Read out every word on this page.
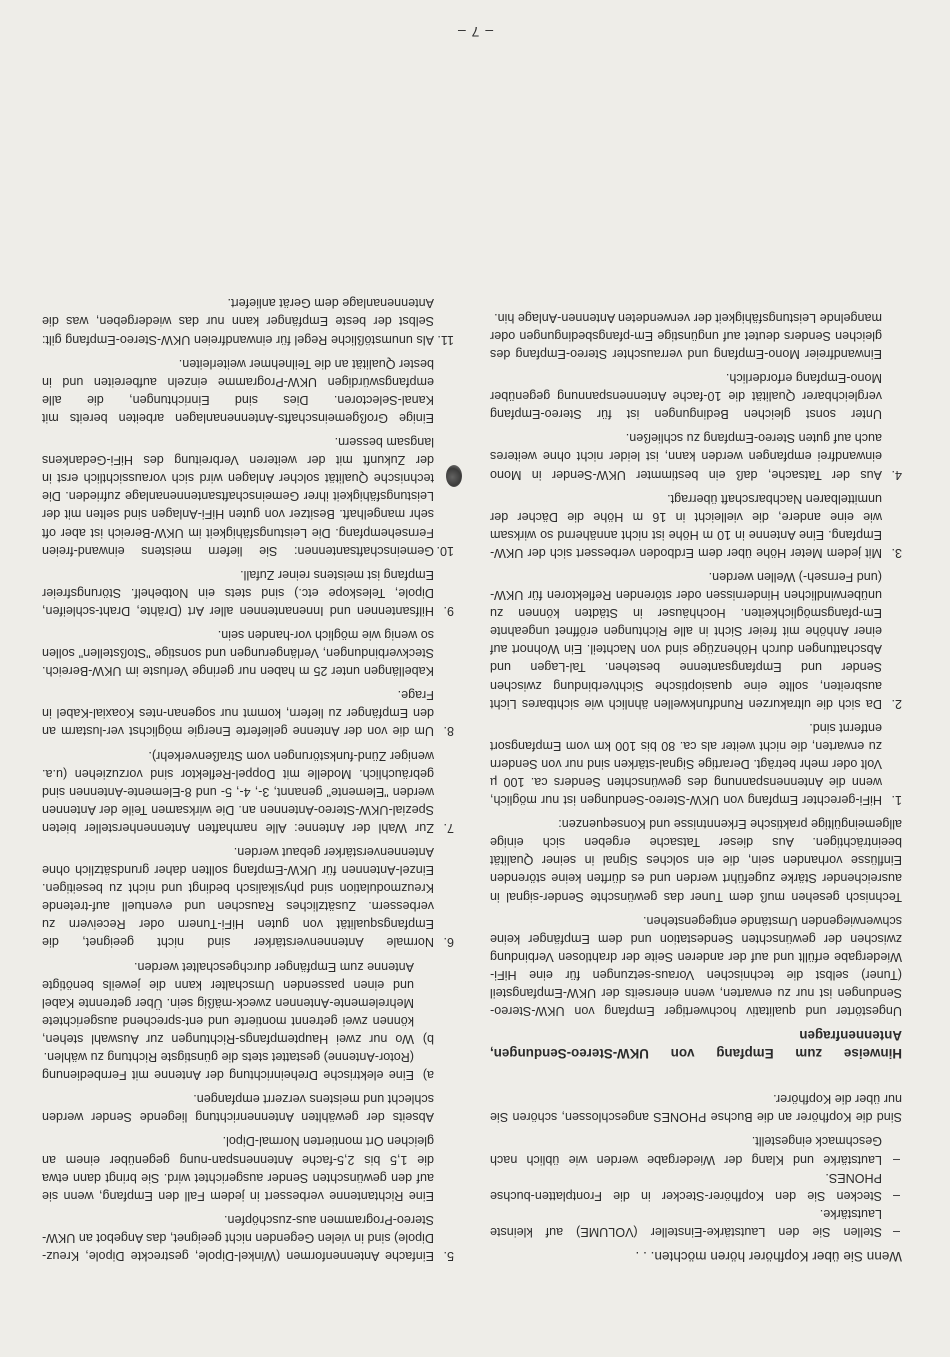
– 7 –

Wenn Sie über Kopfhörer hören möchten. . .

–
Stellen Sie den Lautstärke-Einsteller (VOLUME) auf kleinste Lautstärke.

–
Stecken Sie den Kopfhörer-Stecker in die Frontplatten-buchse PHONES.

–
Lautstärke und Klang der Wiedergabe werden wie üblich nach Geschmack eingestellt.

Sind die Kopfhörer an die Buchse PHONES angeschlossen, schören Sie nur über die Kopfhörer.

Hinweise zum Empfang von UKW-Stereo-Sendungen, Antennenfragen

Ungestörter und qualitativ hochwertiger Empfang von UKW-Stereo-Sendungen ist nur zu erwarten, wenn einerseits der UKW-Empfangsteil (Tuner) selbst die technischen Voraus-setzungen für eine HiFi-Wiedergabe erfüllt und auf der anderen Seite der drahtlosen Verbindung zwischen der gewünschten Sendestation und dem Empfänger keine schwerwiegenden Umstände entgegenstehen.

Technisch gesehen muß dem Tuner das gewünschte Sender-signal in ausreichender Stärke zugeführt werden und es dürften keine störenden Einflüsse vorhanden sein, die ein solches Signal in seiner Qualität beeinträchtigen. Aus dieser Tatsache ergeben sich einige allgemeingültige praktische Erkenntnisse und Konsequenzen:

1.
HiFi-gerechter Empfang von UKW-Stereo-Sendungen ist nur möglich, wenn die Antennenspannung des gewünschten Senders ca. 100 µ Volt oder mehr beträgt. Derartige Signal-stärken sind nur von Sendern zu erwarten, die nicht weiter als ca. 80 bis 100 km vom Empfangsort entfernt sind.

2.
Da sich die ultrakurzen Rundfunkwellen ähnlich wie sichtbares Licht ausbreiten, sollte eine quasioptische Sichtverbindung zwischen Sender und Empfangsantenne bestehen. Tal-Lagen und Abschattungen durch Höhenzüge sind von Nachteil. Ein Wohnort auf einer Anhöhe mit freier Sicht in alle Richtungen eröffnet ungeahnte Em-pfangsmöglichkeiten. Hochhäuser in Städten können zu unüberwindlichen Hindernissen oder störenden Reflektoren für UKW- (und Fernseh-) Wellen werden.

3.
Mit jedem Meter Höhe über dem Erdboden verbessert sich der UKW-Empfang. Eine Antenne in 10 m Höhe ist nicht annähernd so wirksam wie eine andere, die vielleicht in 16 m Höhe die Dächer der unmittelbaren Nachbarschaft überragt.

4.
Aus der Tatsache, daß ein bestimmter UKW-Sender in Mono einwandfrei empfangen werden kann, ist leider nicht ohne weiteres auch auf guten Stereo-Empfang zu schließen.

Unter sonst gleichen Bedingungen ist für Stereo-Empfang vergleichbarer Qualität die 10-fache Antennenspannung gegenüber Mono-Empfang erforderlich.

Einwandfreier Mono-Empfang und verrauschter Stereo-Empfang des gleichen Senders deutet auf ungünstige Em-pfangsbedingungen oder mangelnde Leistungsfähigkeit der verwendeten Antennen-Anlage hin.

5.
Einfache Antennenformen (Winkel-Dipole, gestreckte Dipole, Kreuz-Dipole) sind in vielen Gegenden nicht geeignet, das Angebot an UKW-Stereo-Programmen aus-zuschöpfen.

Eine Richtantenne verbessert in jedem Fall den Empfang, wenn sie auf den gewünschten Sender ausgerichtet wird. Sie bringt dann etwa die 1,5 bis 2,5-fache Antennenspan-nung gegenüber einem an gleichen Ort montierten Normal-Dipol.

Abseits der gewählten Antennenrichtung liegende Sender werden schlecht und meistens verzerrt empfangen.

a)
Eine elektrische Dreheinrichtung der Antenne mit Fernbedienung (Rotor-Antenne) gestattet stets die günstigste Richtung zu wählen.

b)
Wo nur zwei Hauptempfangs-Richtungen zur Auswahl stehen, können zwei getrennt montierte und ent-sprechend ausgerichtete Mehrelemente-Antennen zweck-mäßig sein. Über getrennte Kabel und einen passenden Umschalter kann die jeweils benötigte Antenne zum Empfänger durchgeschaltet werden.

6.
Normale Antennenverstärker sind nicht geeignet, die Empfangsqualität von guten HiFi-Tunern oder Receivern zu verbessern. Zusätzliches Rauschen und eventuell auf-tretende Kreuzmodulation sind physikalisch bedingt und nicht zu beseitigen. Einzel-Antennen für UKW-Empfang sollten daher grundsätzlich ohne Antennenverstärker gebaut werden.

7.
Zur Wahl der Antenne: Alle namhaften Antennenhersteller bieten Spezial-UKW-Stereo-Antennen an. Die wirksamen Teile der Antennen werden "Elemente" genannt, 3-, 4-, 5- und 8-Elemente-Antennen sind gebräuchlich. Modelle mit Doppel-Reflektor sind vorzuziehen (u.a. weniger Zünd-funkstörungen vom Straßenverkehr).

8.
Um die von der Antenne gelieferte Energie möglichst ver-lustarm an den Empfänger zu liefern, kommt nur sogenan-ntes Koaxial-Kabel in Frage.

Kabellängen unter 25 m haben nur geringe Verluste im UKW-Bereich. Steckverbindungen, Verlängerungen und sonstige "Stoßstellen" sollen so wenig wie möglich vor-handen sein.

9.
Hilfsantennen und Innenantennen aller Art (Drähte, Draht-schleifen, Dipole, Teleskope etc.) sind stets ein Notbehelf. Störungsfreier Empfang ist meistens reiner Zufall.

10.
Gemeinschaftsantennen: Sie liefern meistens einwand-freien Fernsehempfang. Die Leistungsfähigkeit im UKW-Bereich ist aber oft sehr mangelhaft. Besitzer von guten HiFi-Anlagen sind selten mit der Leistungsfähigkeit ihrer Gemeinschaftsantennenanlage zufrieden. Die technische Qualität solcher Anlagen wird sich voraussichtlich erst in der Zukunft mit der weiteren Verbreitung des HiFi-Gedankens langsam bessern.

Einige Großgemeinschafts-Antennenanlagen arbeiten bereits mit Kanal-Selectoren. Dies sind Einrichtungen, die alle empfangswürdigen UKW-Programme einzeln aufbereiten und in bester Qualität an die Teilnehmer weiterleiten.

11.
Als unumstößliche Regel für einwandfreien UKW-Stereo-Empfang gilt: Selbst der beste Empfänger kann nur das wiedergeben, was die Antennenanlage dem Gerät anliefert.
